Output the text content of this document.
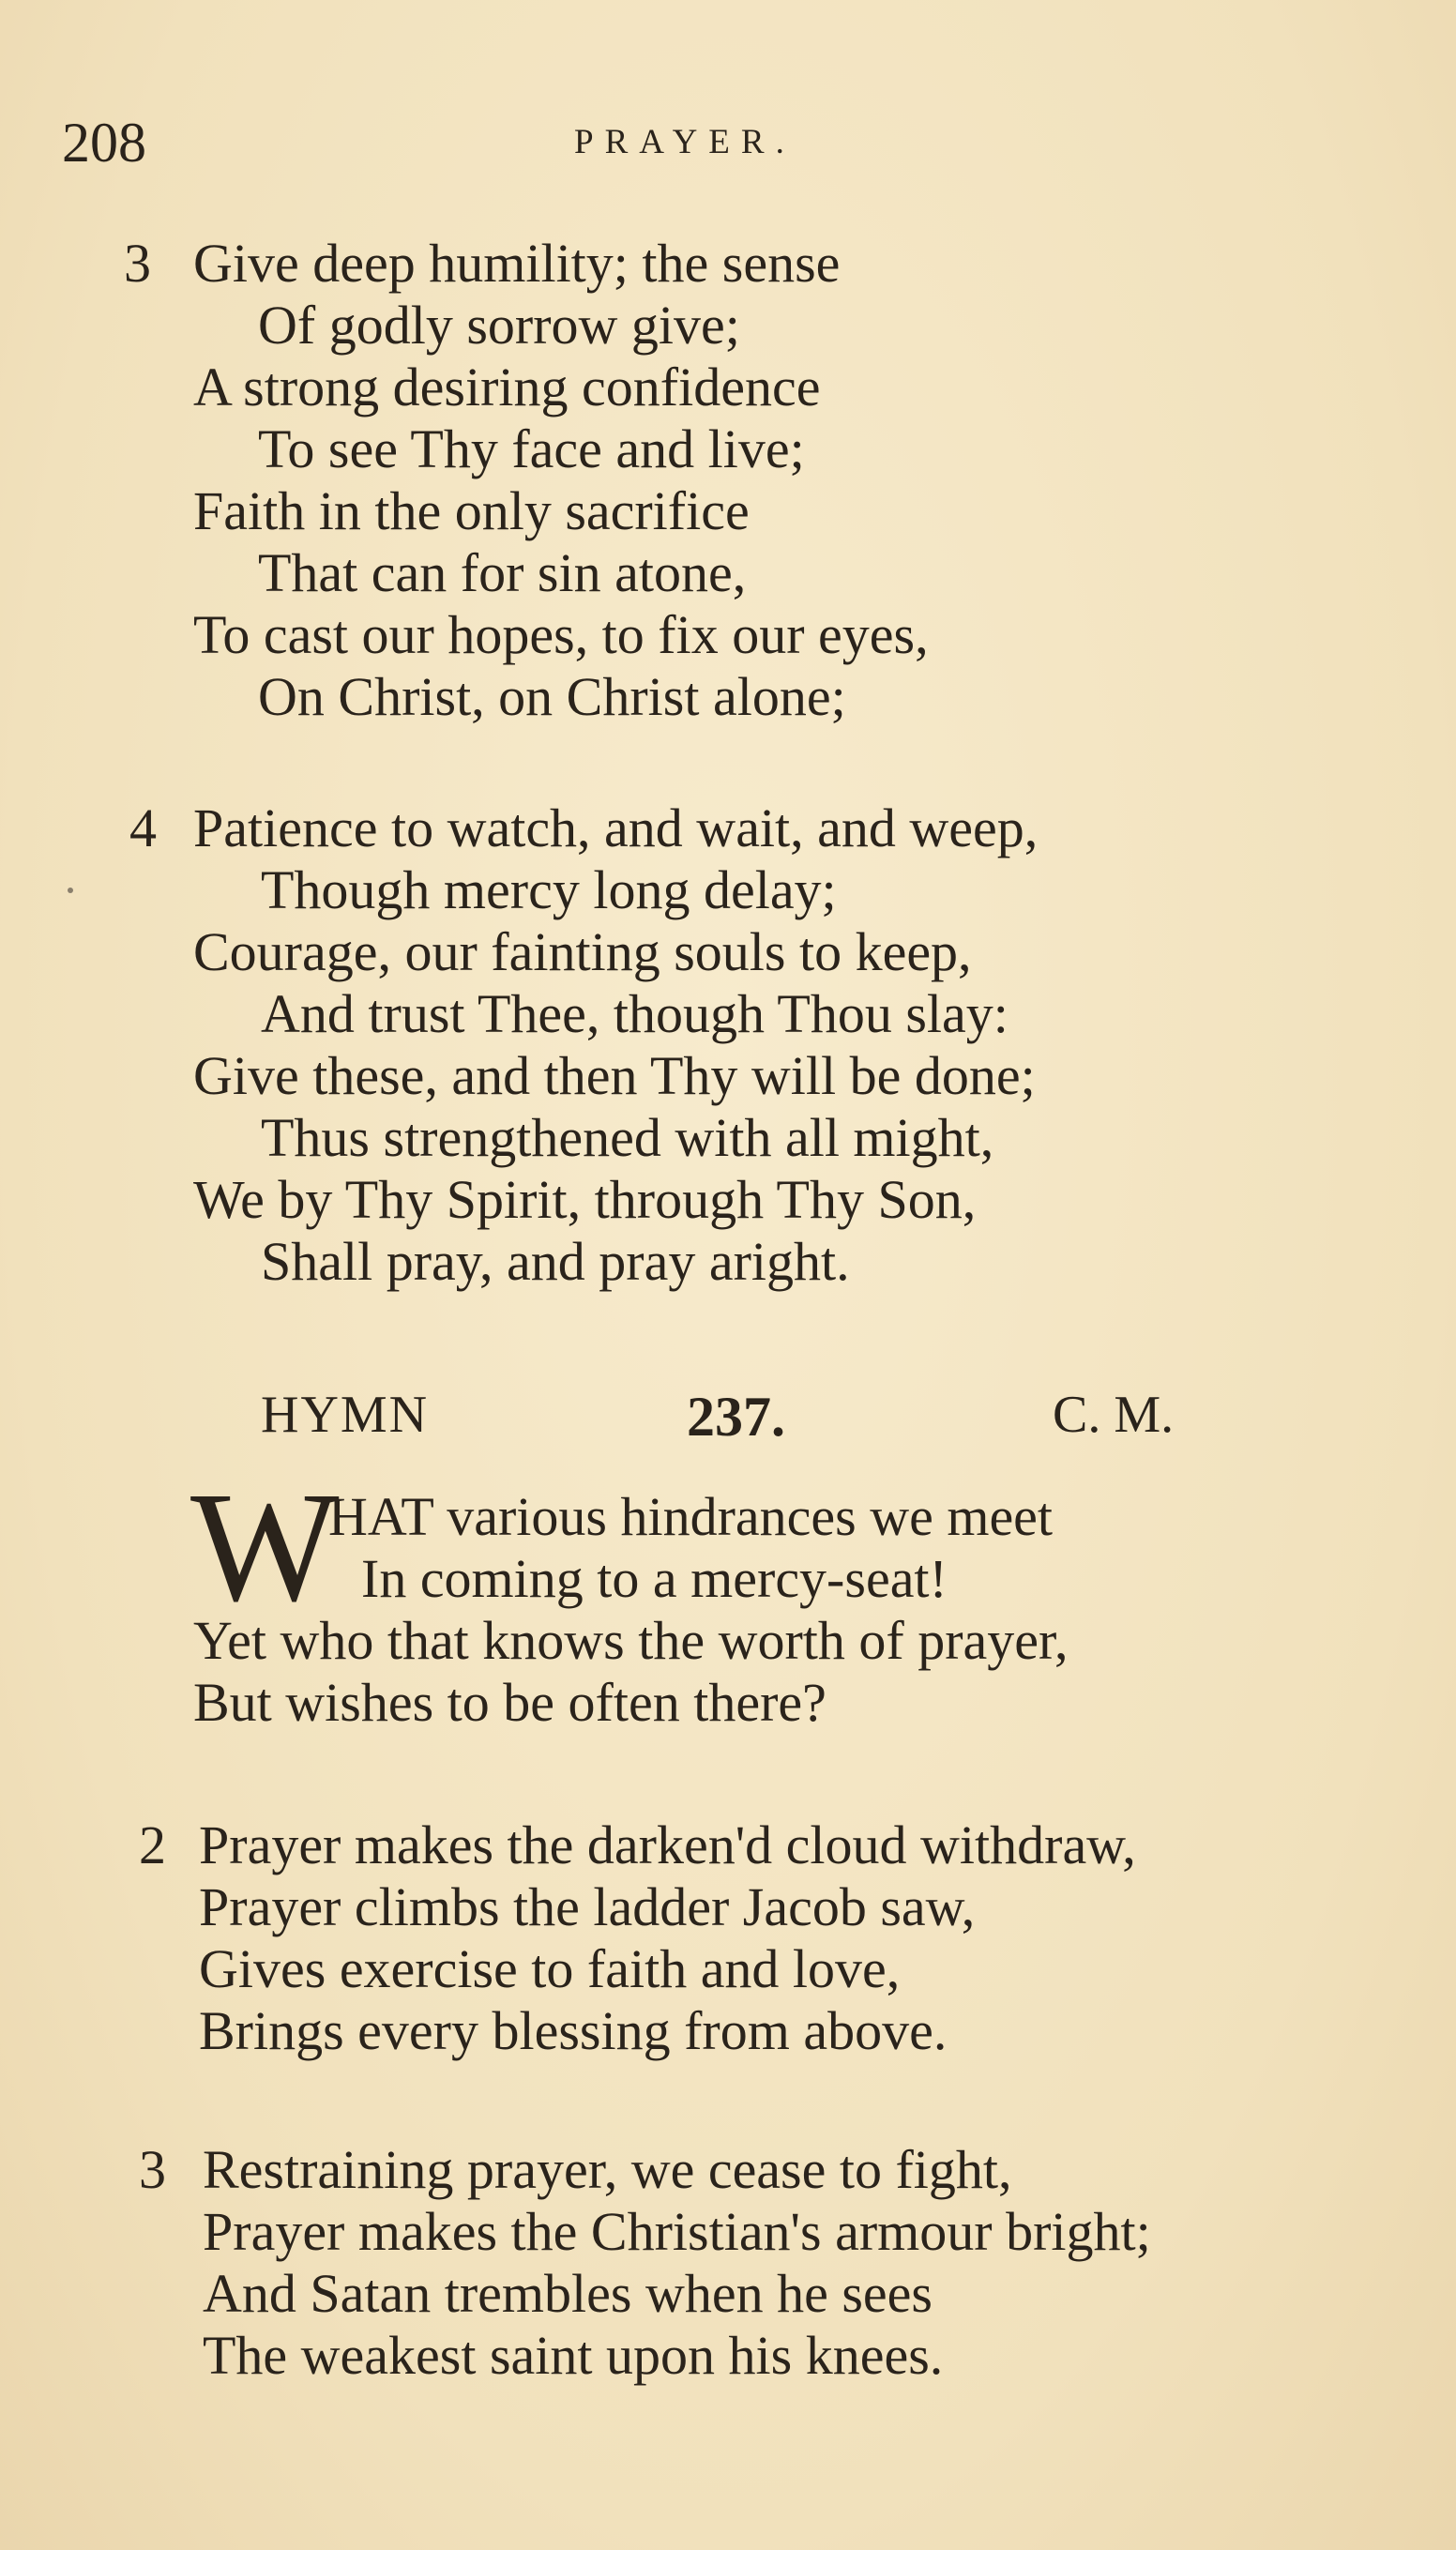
208	PRAYER.
3 Give deep humility; the sense
Of godly sorrow give;
A strong desiring confidence
To see Thy face and live;
Faith in the only sacrifice
That can for sin atone,
To cast our hopes, to fix our eyes,
On Christ, on Christ alone;
4 Patience to watch, and wait, and weep,
Though mercy long delay;
Courage, our fainting souls to keep,
And trust Thee, though Thou slay:
Give these, and then Thy will be done;
Thus strengthened with all might,
We by Thy Spirit, through Thy Son,
Shall pray, and pray aright.
HYMN	237.	C. M.
W
HAT various hindrances we meet
In coming to a mercy-seat!
Yet who that knows the worth of prayer,
But wishes to be often there?
2 Prayer makes the darken'd cloud withdraw,
Prayer climbs the ladder Jacob saw,
Gives exercise to faith and love,
Brings every blessing from above.
3 Restraining prayer, we cease to fight,
Prayer makes the Christian's armour bright;
And Satan trembles when he sees
The weakest saint upon his knees.
